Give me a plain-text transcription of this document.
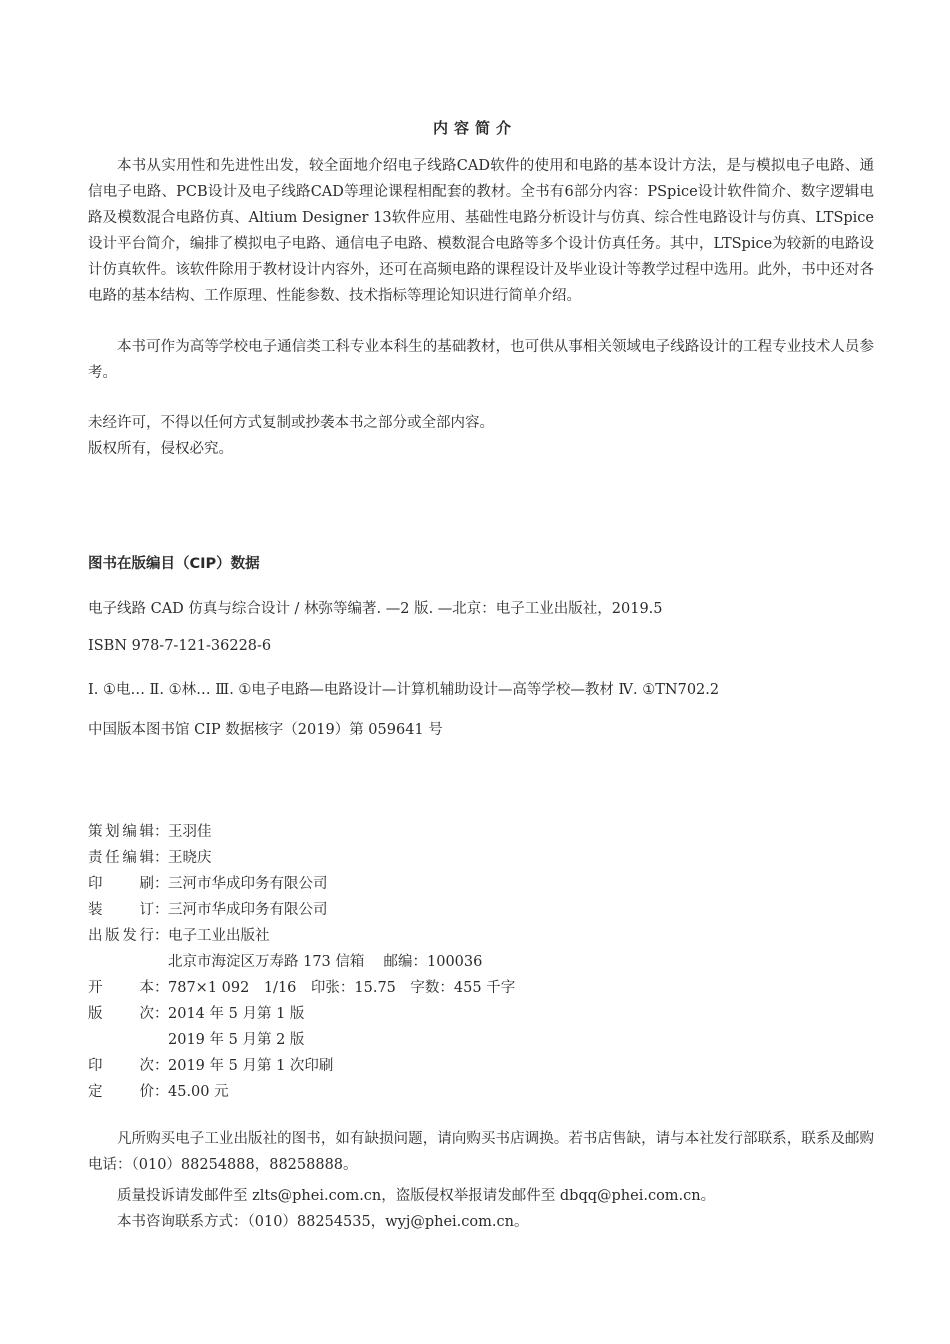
内容简介
本书从实用性和先进性出发，较全面地介绍电子线路CAD软件的使用和电路的基本设计方法，是与模拟电子电路、通信电子电路、PCB设计及电子线路CAD等理论课程相配套的教材。全书有6部分内容：PSpice设计软件简介、数字逻辑电路及模数混合电路仿真、Altium Designer 13软件应用、基础性电路分析设计与仿真、综合性电路设计与仿真、LTSpice设计平台简介，编排了模拟电子电路、通信电子电路、模数混合电路等多个设计仿真任务。其中，LTSpice为较新的电路设计仿真软件。该软件除用于教材设计内容外，还可在高频电路的课程设计及毕业设计等教学过程中选用。此外，书中还对各电路的基本结构、工作原理、性能参数、技术指标等理论知识进行简单介绍。
本书可作为高等学校电子通信类工科专业本科生的基础教材，也可供从事相关领域电子线路设计的工程专业技术人员参考。
未经许可，不得以任何方式复制或抄袭本书之部分或全部内容。
版权所有，侵权必究。
图书在版编目（CIP）数据
电子线路 CAD 仿真与综合设计 / 林弥等编著. —2 版. —北京：电子工业出版社，2019.5
ISBN 978-7-121-36228-6
Ⅰ. ①电… Ⅱ. ①林… Ⅲ. ①电子电路—电路设计—计算机辅助设计—高等学校—教材 Ⅳ. ①TN702.2
中国版本图书馆 CIP 数据核字（2019）第 059641 号
策划编辑： 王羽佳
责任编辑： 王晓庆
印　刷： 三河市华成印务有限公司
装　订： 三河市华成印务有限公司
出版发行： 电子工业出版社
北京市海淀区万寿路 173 信箱　 邮编：100036
开　本： 787×1 092　1/16　印张：15.75　字数：455 千字
版　次： 2014 年 5 月第 1 版
2019 年 5 月第 2 版
印　次： 2019 年 5 月第 1 次印刷
定　价： 45.00 元
凡所购买电子工业出版社的图书，如有缺损问题，请向购买书店调换。若书店售缺，请与本社发行部联系，联系及邮购电话：（010）88254888，88258888。
质量投诉请发邮件至 zlts@phei.com.cn，盗版侵权举报请发邮件至 dbqq@phei.com.cn。
本书咨询联系方式：（010）88254535，wyj@phei.com.cn。
